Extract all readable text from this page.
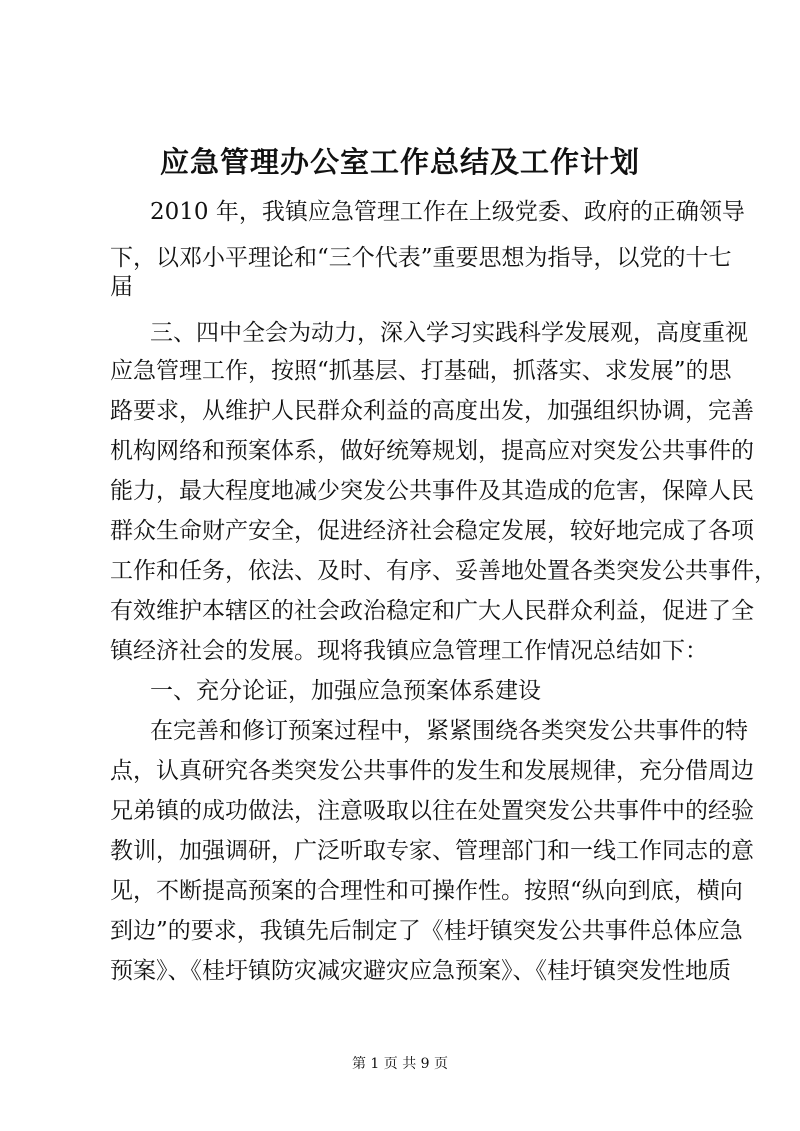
应急管理办公室工作总结及工作计划
2010 年，我镇应急管理工作在上级党委、政府的正确领导
下，以邓小平理论和“三个代表”重要思想为指导，以党的十七
届
三、四中全会为动力，深入学习实践科学发展观，高度重视
应急管理工作，按照“抓基层、打基础，抓落实、求发展”的思
路要求，从维护人民群众利益的高度出发，加强组织协调，完善
机构网络和预案体系，做好统筹规划，提高应对突发公共事件的
能力，最大程度地减少突发公共事件及其造成的危害，保障人民
群众生命财产安全，促进经济社会稳定发展，较好地完成了各项
工作和任务，依法、及时、有序、妥善地处置各类突发公共事件，
有效维护本辖区的社会政治稳定和广大人民群众利益，促进了全
镇经济社会的发展。现将我镇应急管理工作情况总结如下：
一、充分论证，加强应急预案体系建设
在完善和修订预案过程中，紧紧围绕各类突发公共事件的特
点，认真研究各类突发公共事件的发生和发展规律，充分借周边
兄弟镇的成功做法，注意吸取以往在处置突发公共事件中的经验
教训，加强调研，广泛听取专家、管理部门和一线工作同志的意
见，不断提高预案的合理性和可操作性。按照“纵向到底，横向
到边”的要求，我镇先后制定了《桂圩镇突发公共事件总体应急
预案》、《桂圩镇防灾减灾避灾应急预案》、《桂圩镇突发性地质
第 1 页 共 9 页
